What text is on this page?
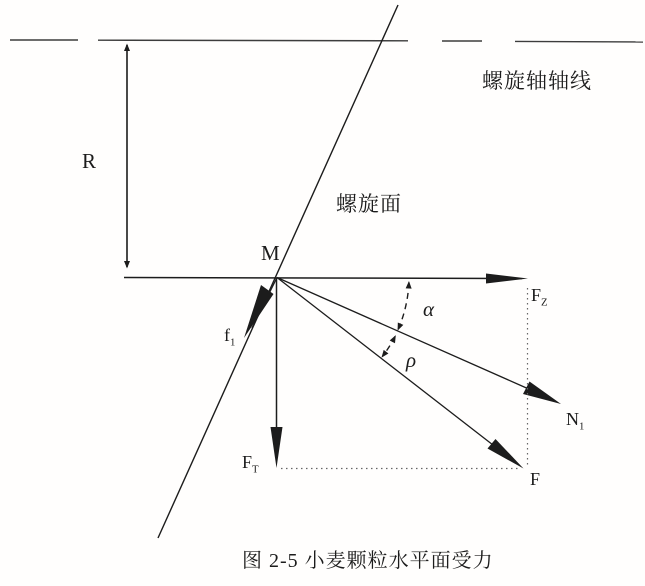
螺旋轴轴线
螺旋面
R
M
α
ρ
$F_Z$
$F_T$
$N_1$
F
$f_1$
图 2-5 小麦颗粒水平面受力
